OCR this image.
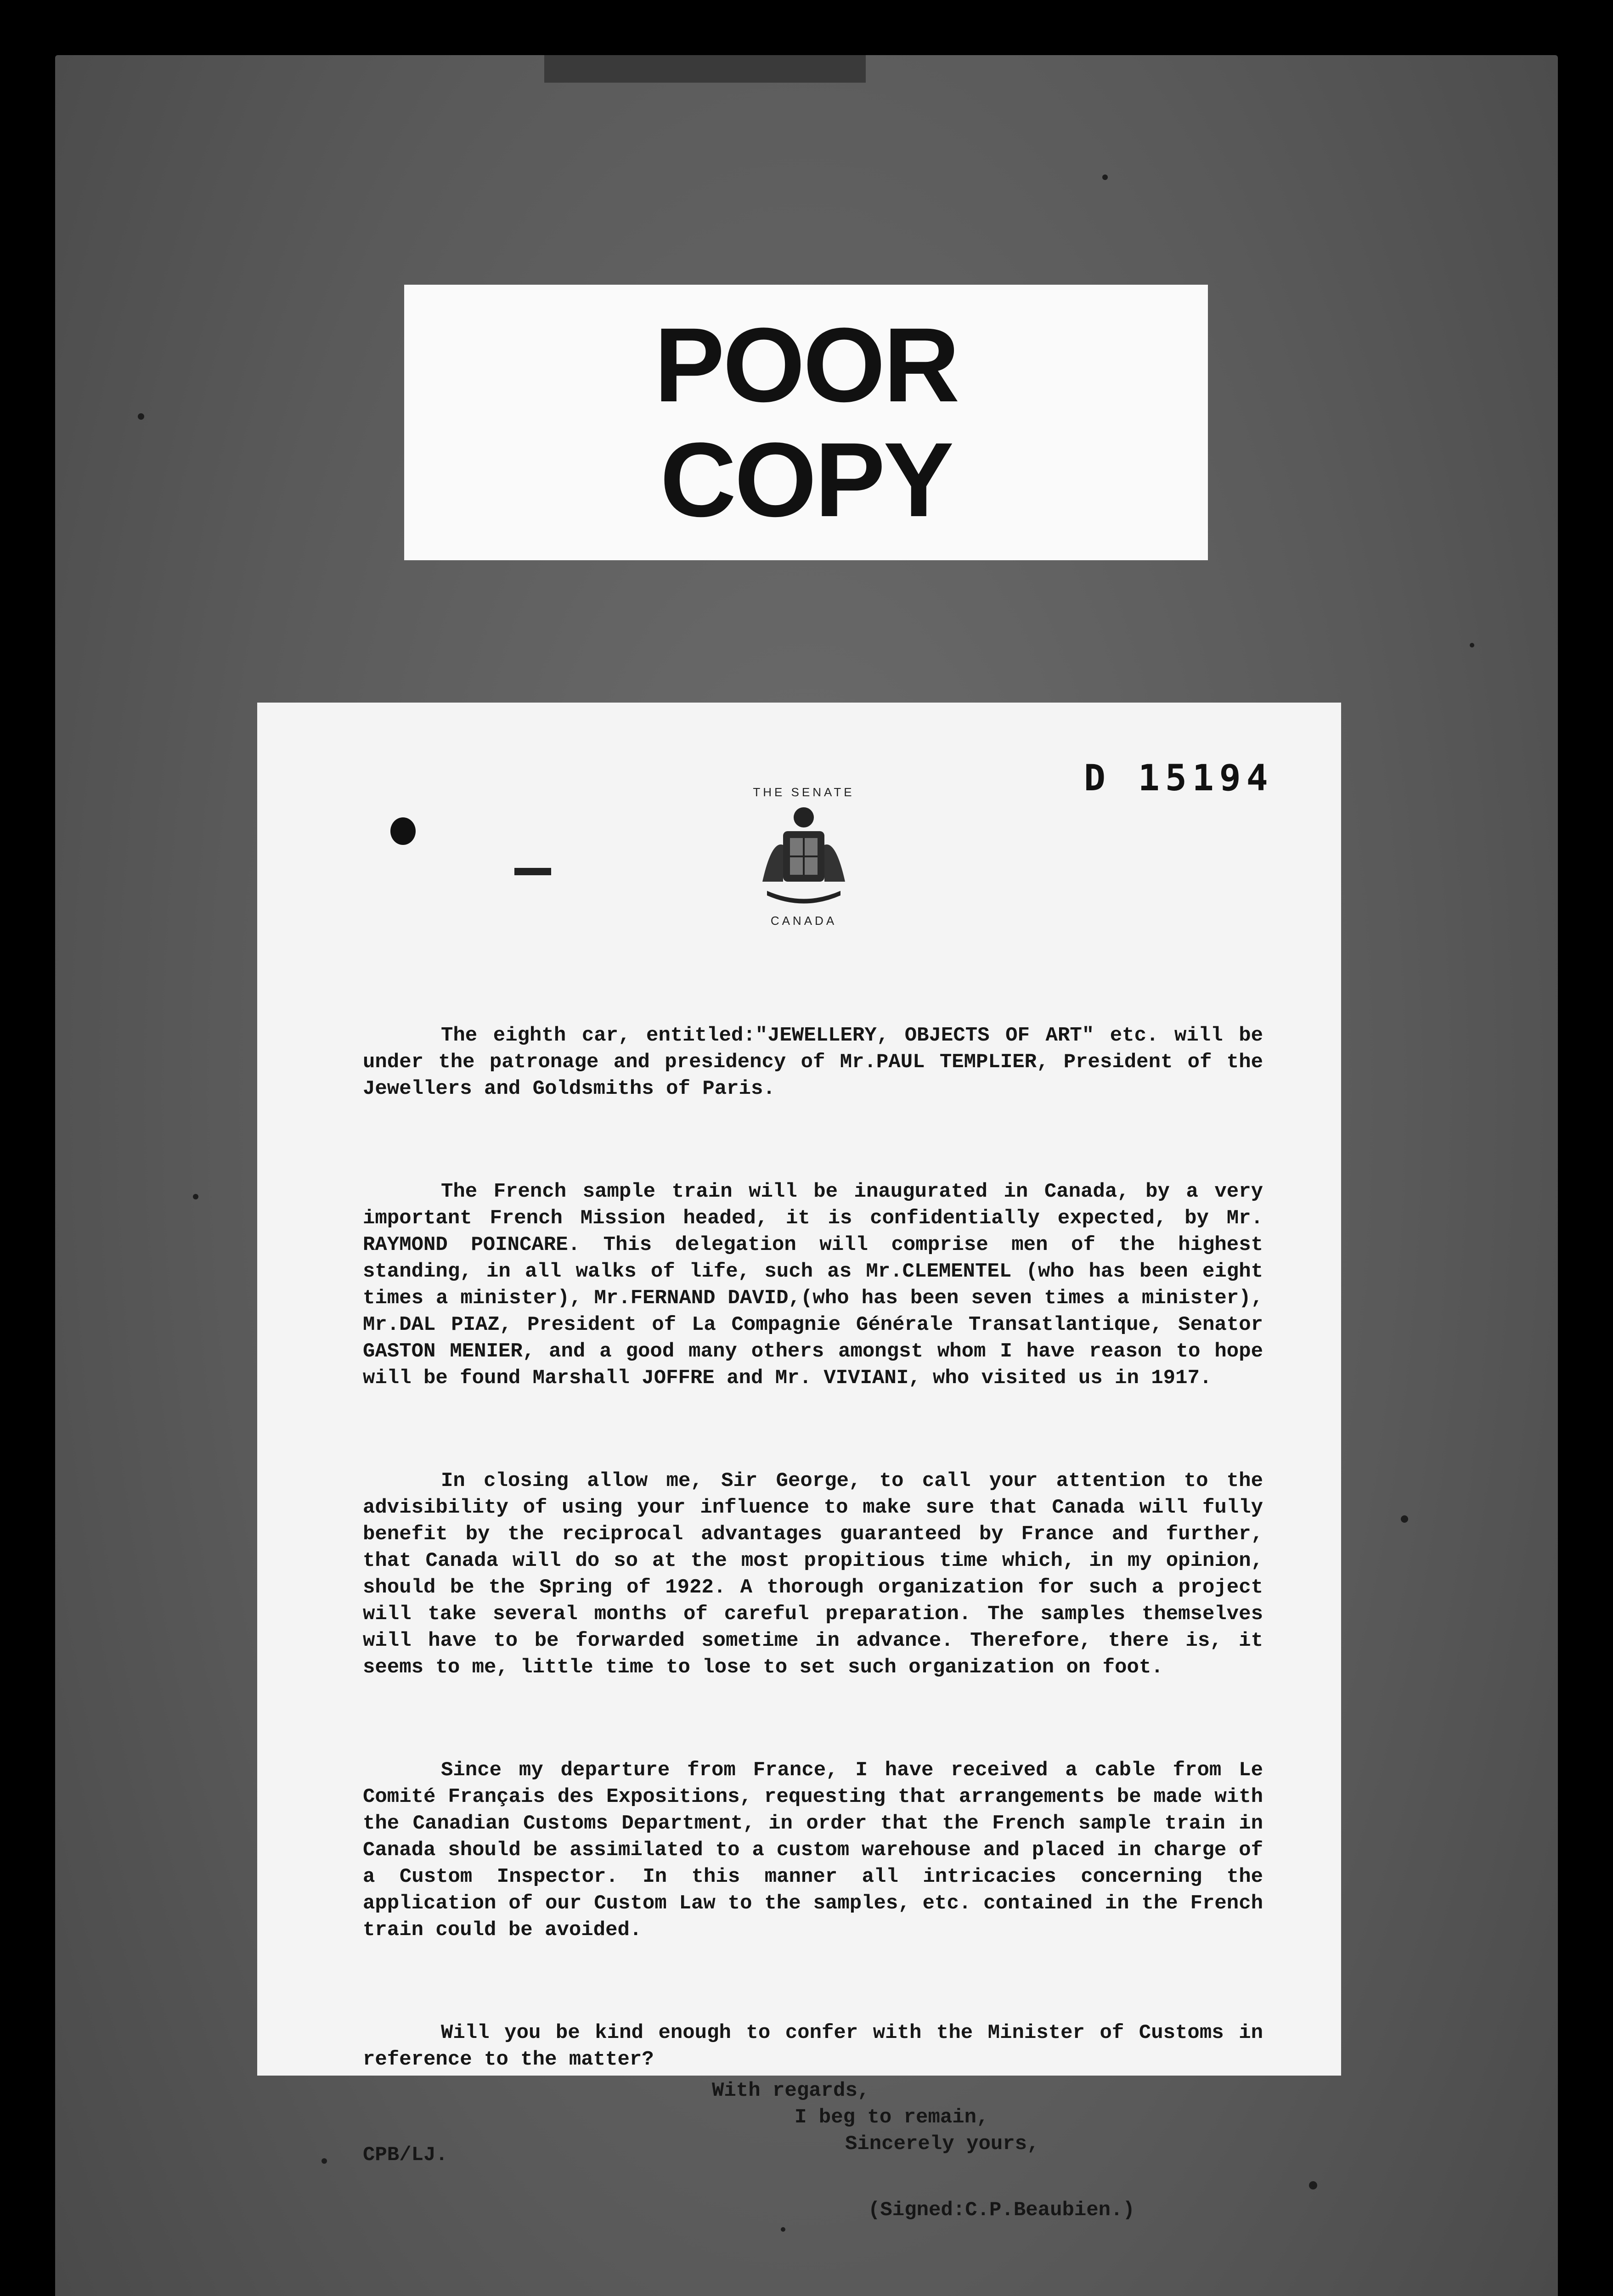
POOR
COPY
D 15194
THE SENATE
CANADA

The eighth car, entitled:"JEWELLERY, OBJECTS OF ART" etc. will be under the patronage and presidency of Mr.PAUL TEMPLIER, President of the Jewellers and Goldsmiths of Paris.

The French sample train will be inaugurated in Canada, by a very important French Mission headed, it is confidentially expected, by Mr. RAYMOND POINCARE. This delegation will comprise men of the highest standing, in all walks of life, such as Mr.CLEMENTEL (who has been eight times a minister), Mr.FERNAND DAVID,(who has been seven times a minister), Mr.DAL PIAZ, President of La Compagnie Générale Transatlantique, Senator GASTON MENIER, and a good many others amongst whom I have reason to hope will be found Marshall JOFFRE and Mr. VIVIANI, who visited us in 1917.

In closing allow me, Sir George, to call your attention to the advisibility of using your influence to make sure that Canada will fully benefit by the reciprocal advantages guaranteed by France and further, that Canada will do so at the most propitious time which, in my opinion, should be the Spring of 1922. A thorough organization for such a project will take several months of careful preparation. The samples themselves will have to be forwarded sometime in advance. Therefore, there is, it seems to me, little time to lose to set such organization on foot.

Since my departure from France, I have received a cable from Le Comité Français des Expositions, requesting that arrangements be made with the Canadian Customs Department, in order that the French sample train in Canada should be assimilated to a custom warehouse and placed in charge of a Custom Inspector. In this manner all intricacies concerning the application of our Custom Law to the samples, etc. contained in the French train could be avoided.

Will you be kind enough to confer with the Minister of Customs in reference to the matter?

With regards,

I beg to remain,

Sincerely yours,

CPB/LJ.

(Signed:C.P.Beaubien.)
